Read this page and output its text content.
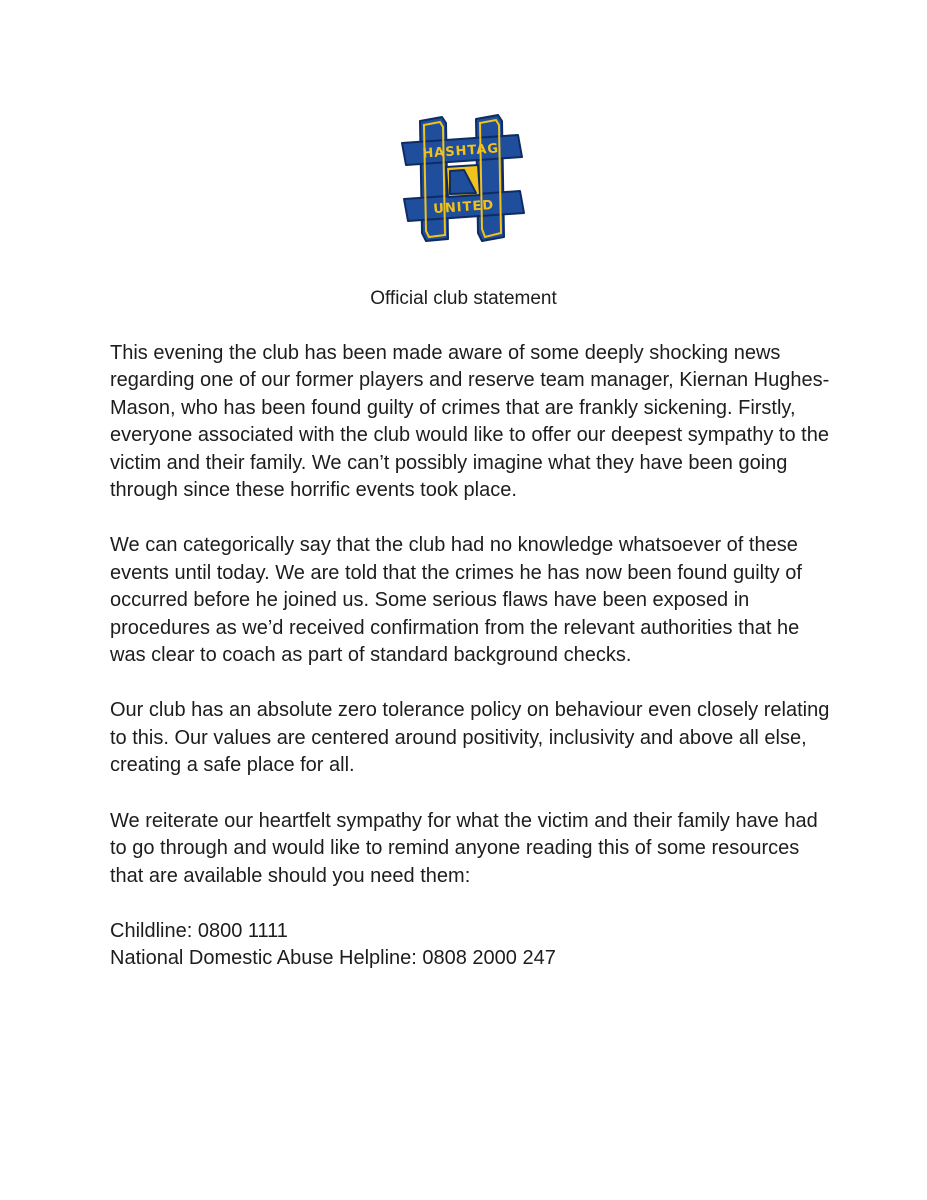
HASHTAG
UNITED
Official club statement

This evening the club has been made aware of some deeply shocking news regarding one of our former players and reserve team manager, Kiernan Hughes-Mason, who has been found guilty of crimes that are frankly sickening. Firstly, everyone associated with the club would like to offer our deepest sympathy to the victim and their family. We can’t possibly imagine what they have been going through since these horrific events took place.

We can categorically say that the club had no knowledge whatsoever of these events until today. We are told that the crimes he has now been found guilty of occurred before he joined us. Some serious flaws have been exposed in procedures as we’d received confirmation from the relevant authorities that he was clear to coach as part of standard background checks.

Our club has an absolute zero tolerance policy on behaviour even closely relating to this. Our values are centered around positivity, inclusivity and above all else, creating a safe place for all.

We reiterate our heartfelt sympathy for what the victim and their family have had to go through and would like to remind anyone reading this of some resources that are available should you need them:

Childline: 0800 1111
National Domestic Abuse Helpline: 0808 2000 247
